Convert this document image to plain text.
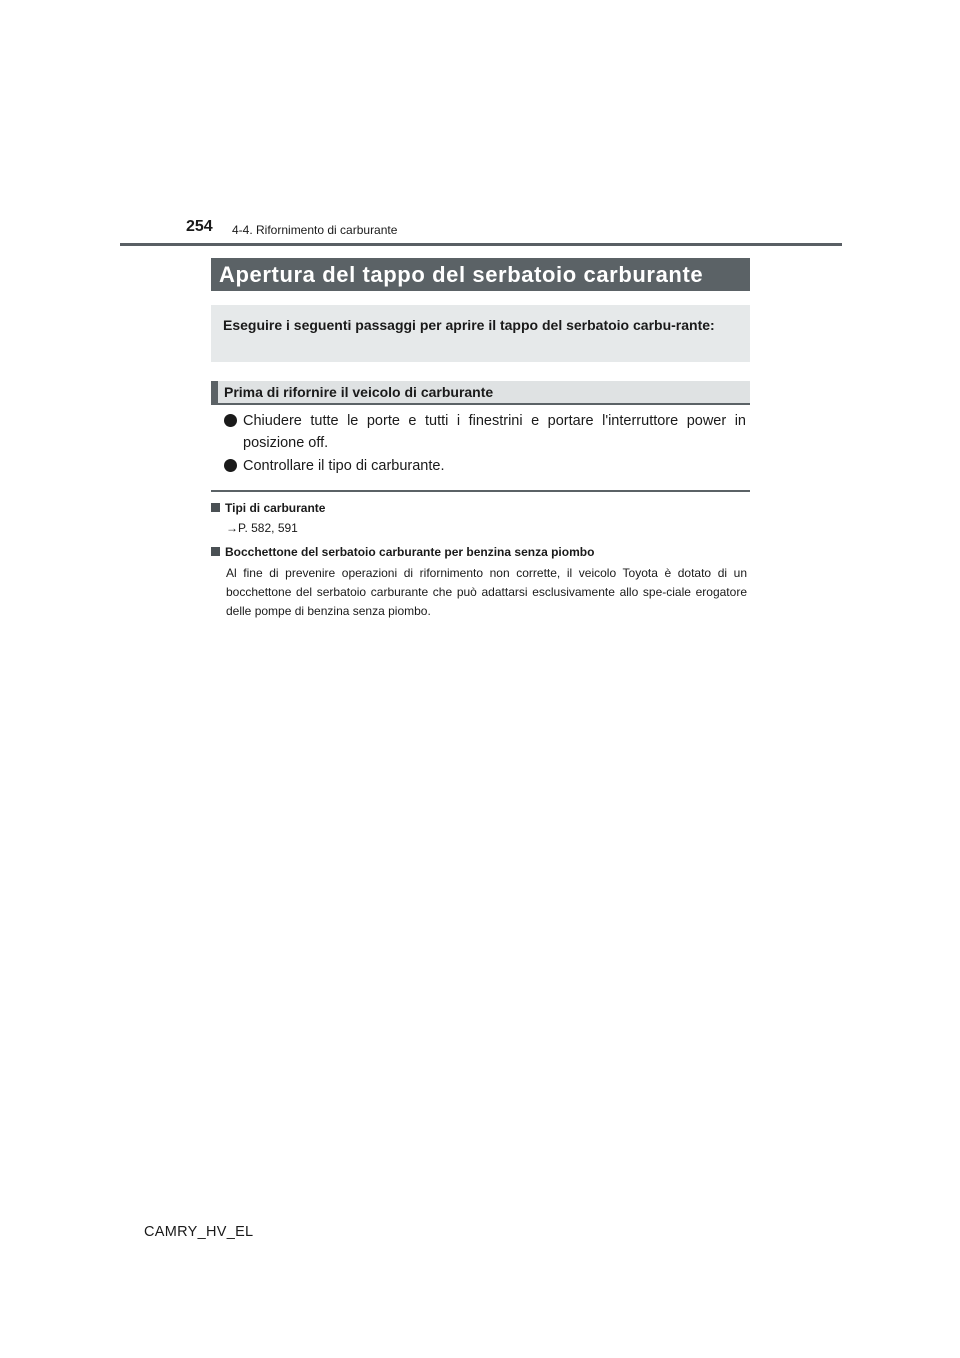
254 4-4. Rifornimento di carburante
Apertura del tappo del serbatoio carburante
Eseguire i seguenti passaggi per aprire il tappo del serbatoio carbu-rante:
Prima di rifornire il veicolo di carburante
Chiudere tutte le porte e tutti i finestrini e portare l'interruttore power in posizione off.
Controllare il tipo di carburante.
Tipi di carburante
→P. 582, 591
Bocchettone del serbatoio carburante per benzina senza piombo
Al fine di prevenire operazioni di rifornimento non corrette, il veicolo Toyota è dotato di un bocchettone del serbatoio carburante che può adattarsi esclusivamente allo spe-ciale erogatore delle pompe di benzina senza piombo.
CAMRY_HV_EL
